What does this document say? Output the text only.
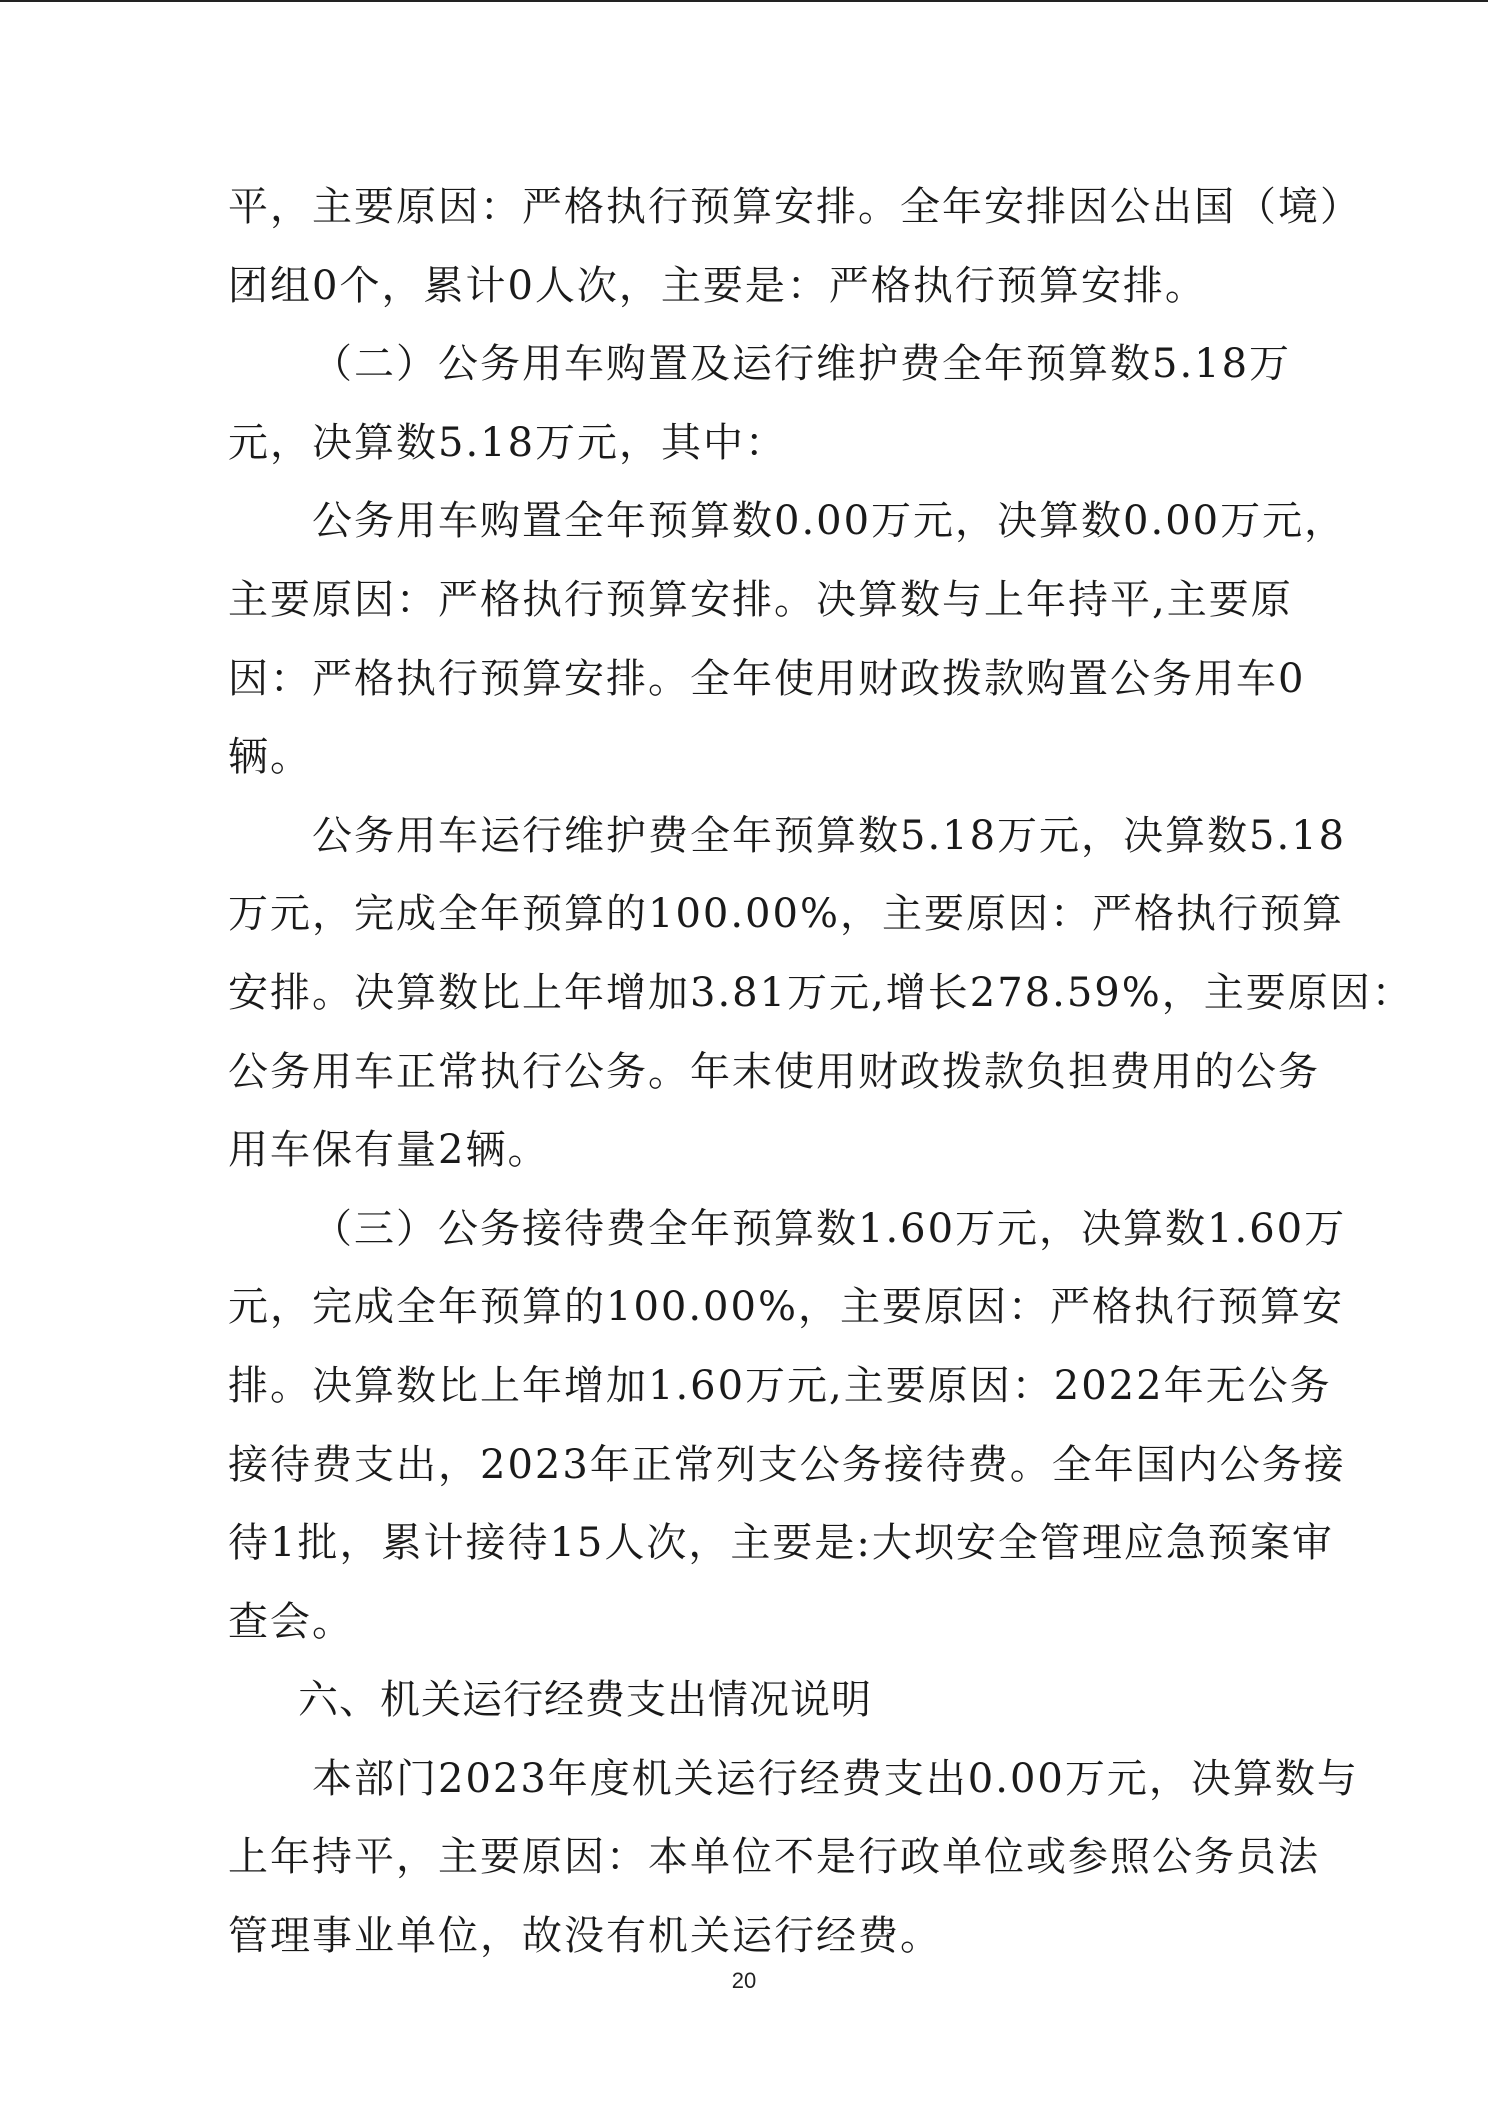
平，主要原因：严格执行预算安排。全年安排因公出国（境）
团组0个，累计0人次，主要是：严格执行预算安排。
（二）公务用车购置及运行维护费全年预算数5.18万
元，决算数5.18万元，其中：
公务用车购置全年预算数0.00万元，决算数0.00万元，
主要原因：严格执行预算安排。决算数与上年持平,主要原
因：严格执行预算安排。全年使用财政拨款购置公务用车0
辆。
公务用车运行维护费全年预算数5.18万元，决算数5.18
万元，完成全年预算的100.00%，主要原因：严格执行预算
安排。决算数比上年增加3.81万元,增长278.59%，主要原因：
公务用车正常执行公务。年末使用财政拨款负担费用的公务
用车保有量2辆。
（三）公务接待费全年预算数1.60万元，决算数1.60万
元，完成全年预算的100.00%，主要原因：严格执行预算安
排。决算数比上年增加1.60万元,主要原因：2022年无公务
接待费支出，2023年正常列支公务接待费。全年国内公务接
待1批，累计接待15人次，主要是:大坝安全管理应急预案审
查会。
六、机关运行经费支出情况说明
本部门2023年度机关运行经费支出0.00万元，决算数与
上年持平，主要原因：本单位不是行政单位或参照公务员法
管理事业单位，故没有机关运行经费。
20
